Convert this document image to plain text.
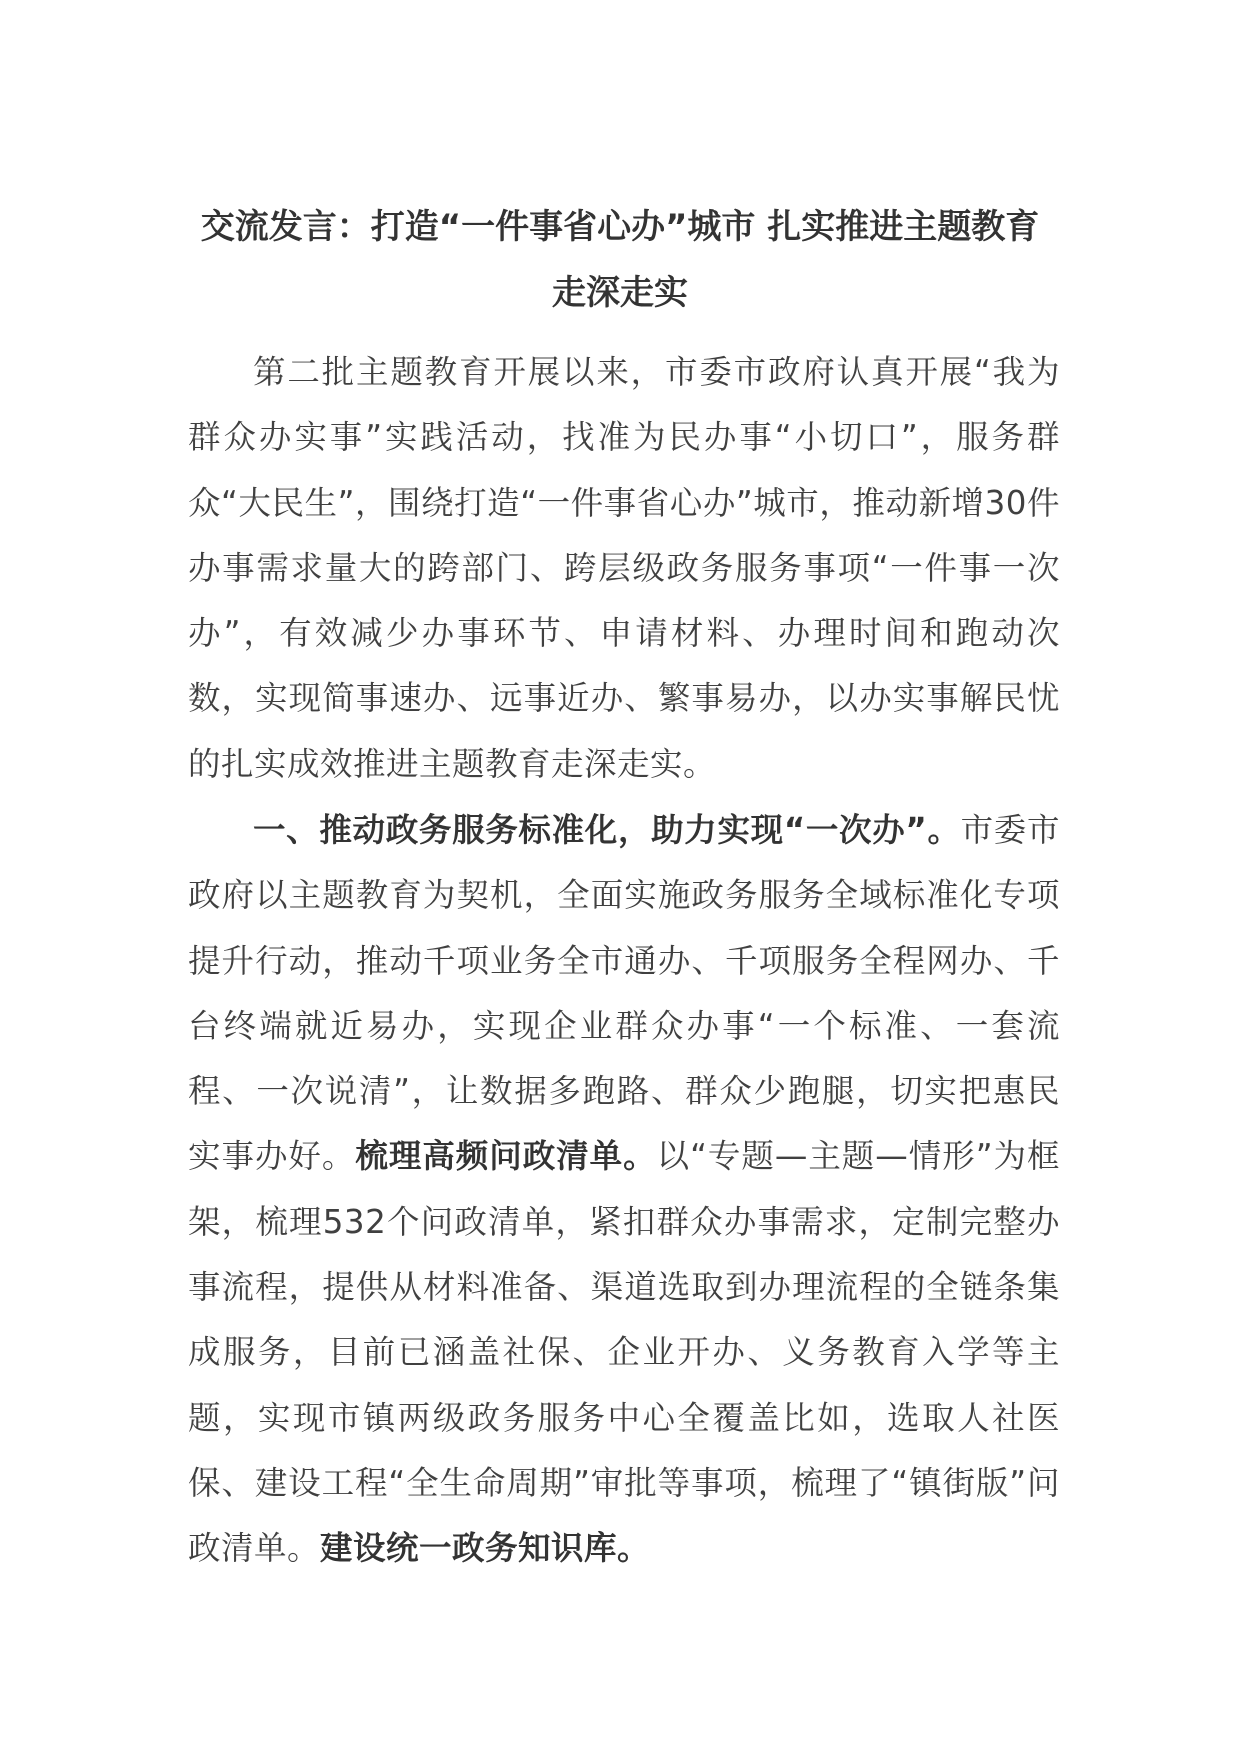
交流发言：打造“一件事省心办”城市 扎实推进主题教育
走深走实

第二批主题教育开展以来，市委市政府认真开展“我为群众办实事”实践活动，找准为民办事“小切口”，服务群众“大民生”，围绕打造“一件事省心办”城市，推动新增30件办事需求量大的跨部门、跨层级政务服务事项“一件事一次办”，有效减少办事环节、申请材料、办理时间和跑动次数，实现简事速办、远事近办、繁事易办，以办实事解民忧的扎实成效推进主题教育走深走实。

一、推动政务服务标准化，助力实现“一次办”。市委市政府以主题教育为契机，全面实施政务服务全域标准化专项提升行动，推动千项业务全市通办、千项服务全程网办、千台终端就近易办，实现企业群众办事“一个标准、一套流程、一次说清”，让数据多跑路、群众少跑腿，切实把惠民实事办好。梳理高频问政清单。以“专题—主题—情形”为框架，梳理532个问政清单，紧扣群众办事需求，定制完整办事流程，提供从材料准备、渠道选取到办理流程的全链条集成服务，目前已涵盖社保、企业开办、义务教育入学等主题，实现市镇两级政务服务中心全覆盖比如，选取人社医保、建设工程“全生命周期”审批等事项，梳理了“镇街版”问政清单。建设统一政务知识库。
